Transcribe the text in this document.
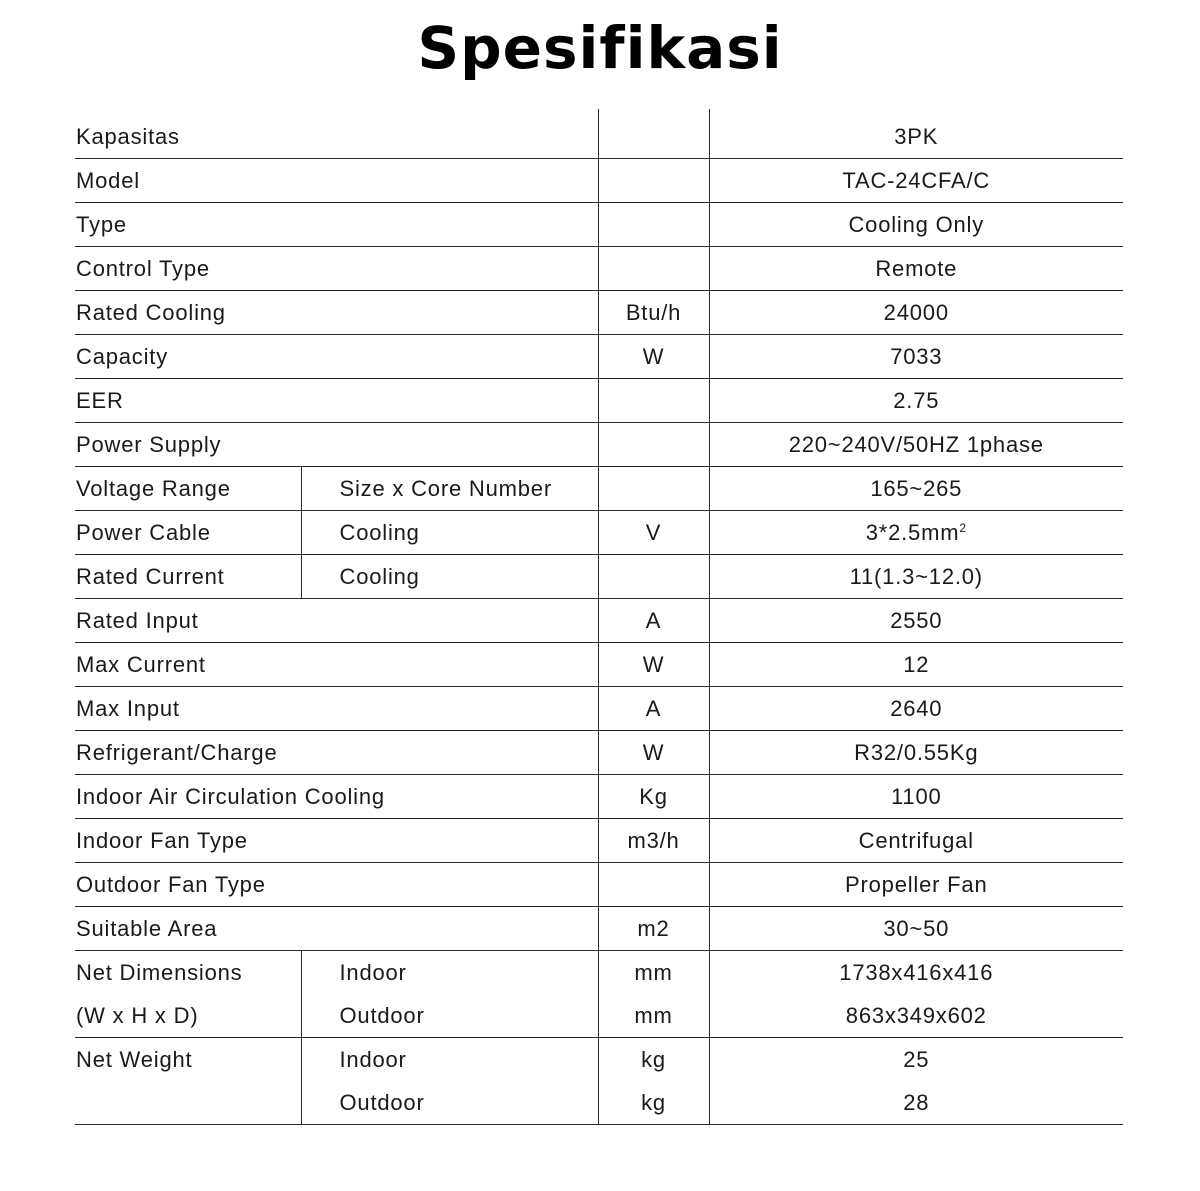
Spesifikasi
Kapasitas			3PK
Model			TAC-24CFA/C
Type			Cooling Only
Control Type			Remote
Rated Cooling		Btu/h	24000
Capacity		W	7033
EER			2.75
Power Supply			220~240V/50HZ 1phase
Voltage Range	Size x Core Number		165~265
Power Cable	Cooling	V	$3*2.5mm^2$
Rated Current	Cooling		11(1.3~12.0)
Rated Input		A	2550
Max Current		W	12
Max Input		A	2640
Refrigerant/Charge		W	R32/0.55Kg
Indoor Air Circulation Cooling		Kg	1100
Indoor Fan Type		m3/h	Centrifugal
Outdoor Fan Type			Propeller Fan
Suitable Area		m2	30~50
Net Dimensions	Indoor	mm	1738x416x416
(W x H x D)	Outdoor	mm	863x349x602
Net Weight	Indoor	kg	25
	Outdoor	kg	28
